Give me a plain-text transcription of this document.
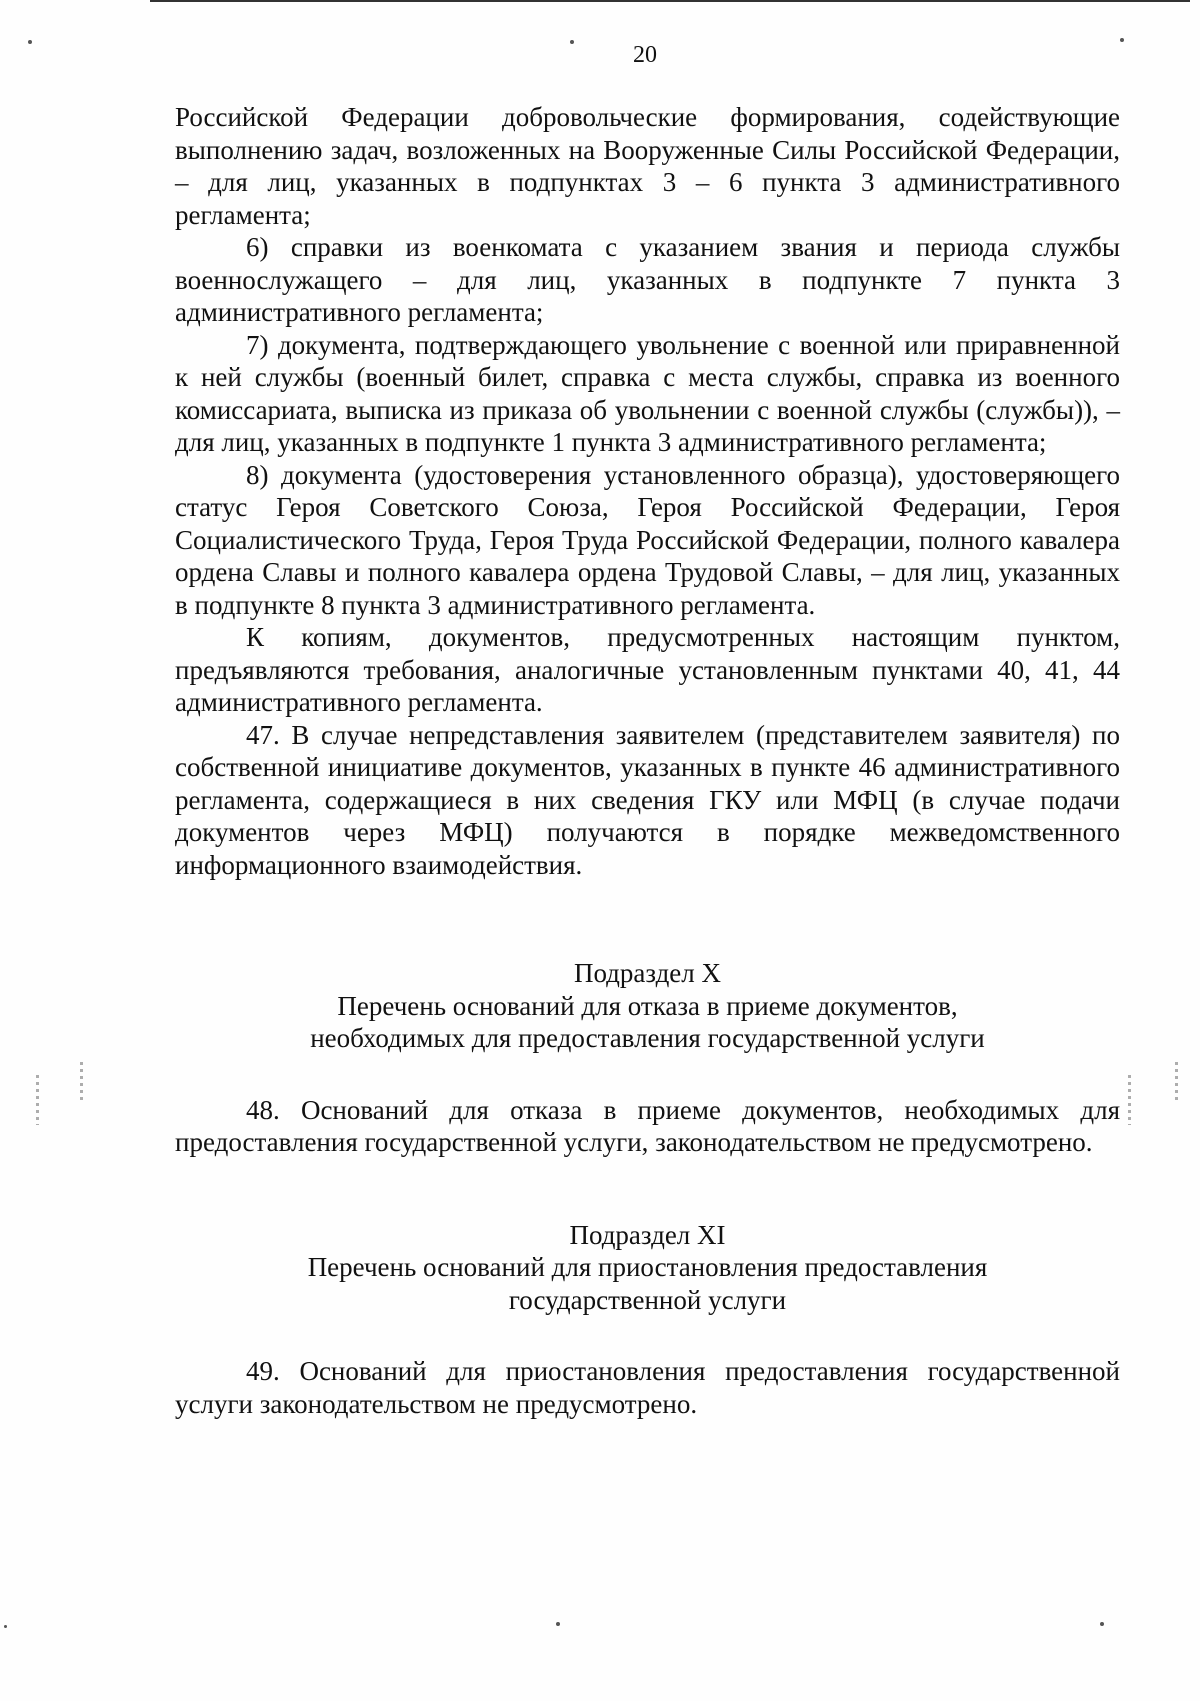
20

Российской Федерации добровольческие формирования, содействующие выполнению задач, возложенных на Вооруженные Силы Российской Федерации, – для лиц, указанных в подпунктах 3 – 6 пункта 3 административного регламента;

6) справки из военкомата с указанием звания и периода службы военнослужащего – для лиц, указанных в подпункте 7 пункта 3 административного регламента;

7) документа, подтверждающего увольнение с военной или приравненной к ней службы (военный билет, справка с места службы, справка из военного комиссариата, выписка из приказа об увольнении с военной службы (службы)), – для лиц, указанных в подпункте 1 пункта 3 административного регламента;

8) документа (удостоверения установленного образца), удостоверяющего статус Героя Советского Союза, Героя Российской Федерации, Героя Социалистического Труда, Героя Труда Российской Федерации, полного кавалера ордена Славы и полного кавалера ордена Трудовой Славы, – для лиц, указанных в подпункте 8 пункта 3 административного регламента.

К копиям, документов, предусмотренных настоящим пунктом, предъявляются требования, аналогичные установленным пунктами 40, 41, 44 административного регламента.

47. В случае непредставления заявителем (представителем заявителя) по собственной инициативе документов, указанных в пункте 46 административного регламента, содержащиеся в них сведения ГКУ или МФЦ (в случае подачи документов через МФЦ) получаются в порядке межведомственного информационного взаимодействия.

Подраздел X

Перечень оснований для отказа в приеме документов,

необходимых для предоставления государственной услуги

48. Оснований для отказа в приеме документов, необходимых для предоставления государственной услуги, законодательством не предусмотрено.

Подраздел XI

Перечень оснований для приостановления предоставления

государственной услуги

49. Оснований для приостановления предоставления государственной услуги законодательством не предусмотрено.
